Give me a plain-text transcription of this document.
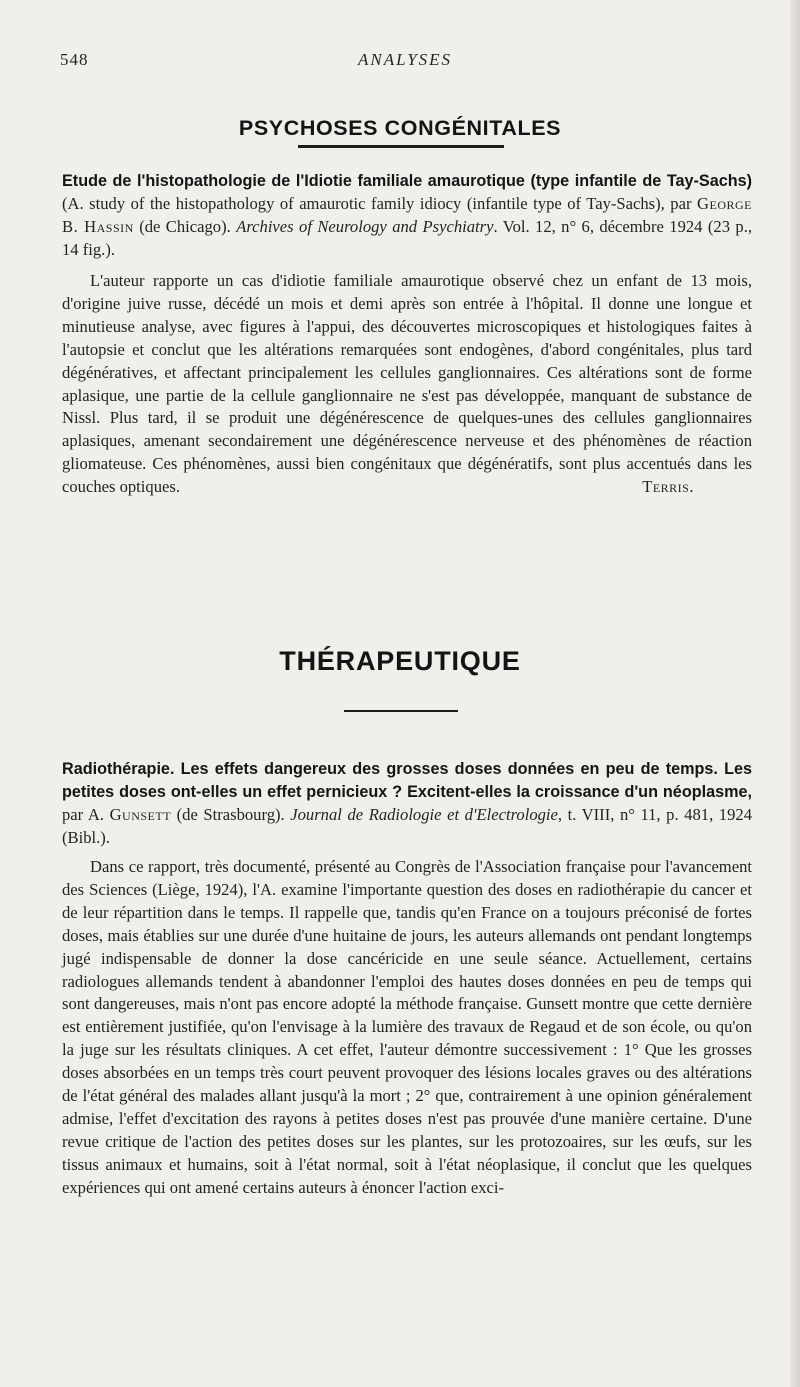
548	ANALYSES
PSYCHOSES CONGÉNITALES
Etude de l'histopathologie de l'Idiotie familiale amaurotique (type infantile de Tay-Sachs) (A. study of the histopathology of amaurotic family idiocy (infantile type of Tay-Sachs), par George B. Hassin (de Chicago). Archives of Neurology and Psychiatry. Vol. 12, n° 6, décembre 1924 (23 p., 14 fig.).
L'auteur rapporte un cas d'idiotie familiale amaurotique observé chez un enfant de 13 mois, d'origine juive russe, décédé un mois et demi après son entrée à l'hôpital. Il donne une longue et minutieuse analyse, avec figures à l'appui, des découvertes microscopiques et histologiques faites à l'autopsie et conclut que les altérations remarquées sont endogènes, d'abord congénitales, plus tard dégénératives, et affectant principalement les cellules ganglionnaires. Ces altérations sont de forme aplasique, une partie de la cellule ganglionnaire ne s'est pas développée, manquant de substance de Nissl. Plus tard, il se produit une dégénérescence de quelques-unes des cellules ganglionnaires aplasiques, amenant secondairement une dégénérescence nerveuse et des phénomènes de réaction gliomateuse. Ces phénomènes, aussi bien congénitaux que dégénératifs, sont plus accentués dans les couches optiques.	Terris.
THÉRAPEUTIQUE
Radiothérapie. Les effets dangereux des grosses doses données en peu de temps. Les petites doses ont-elles un effet pernicieux ? Excitent-elles la croissance d'un néoplasme, par A. Gunsett (de Strasbourg). Journal de Radiologie et d'Electrologie, t. VIII, n° 11, p. 481, 1924 (Bibl.).
Dans ce rapport, très documenté, présenté au Congrès de l'Association française pour l'avancement des Sciences (Liège, 1924), l'A. examine l'importante question des doses en radiothérapie du cancer et de leur répartition dans le temps. Il rappelle que, tandis qu'en France on a toujours préconisé de fortes doses, mais établies sur une durée d'une huitaine de jours, les auteurs allemands ont pendant longtemps jugé indispensable de donner la dose cancéricide en une seule séance. Actuellement, certains radiologues allemands tendent à abandonner l'emploi des hautes doses données en peu de temps qui sont dangereuses, mais n'ont pas encore adopté la méthode française. Gunsett montre que cette dernière est entièrement justifiée, qu'on l'envisage à la lumière des travaux de Regaud et de son école, ou qu'on la juge sur les résultats cliniques. A cet effet, l'auteur démontre successivement : 1° Que les grosses doses absorbées en un temps très court peuvent provoquer des lésions locales graves ou des altérations de l'état général des malades allant jusqu'à la mort ; 2° que, contrairement à une opinion généralement admise, l'effet d'excitation des rayons à petites doses n'est pas prouvée d'une manière certaine. D'une revue critique de l'action des petites doses sur les plantes, sur les protozoaires, sur les œufs, sur les tissus animaux et humains, soit à l'état normal, soit à l'état néoplasique, il conclut que les quelques expériences qui ont amené certains auteurs à énoncer l'action exci-
